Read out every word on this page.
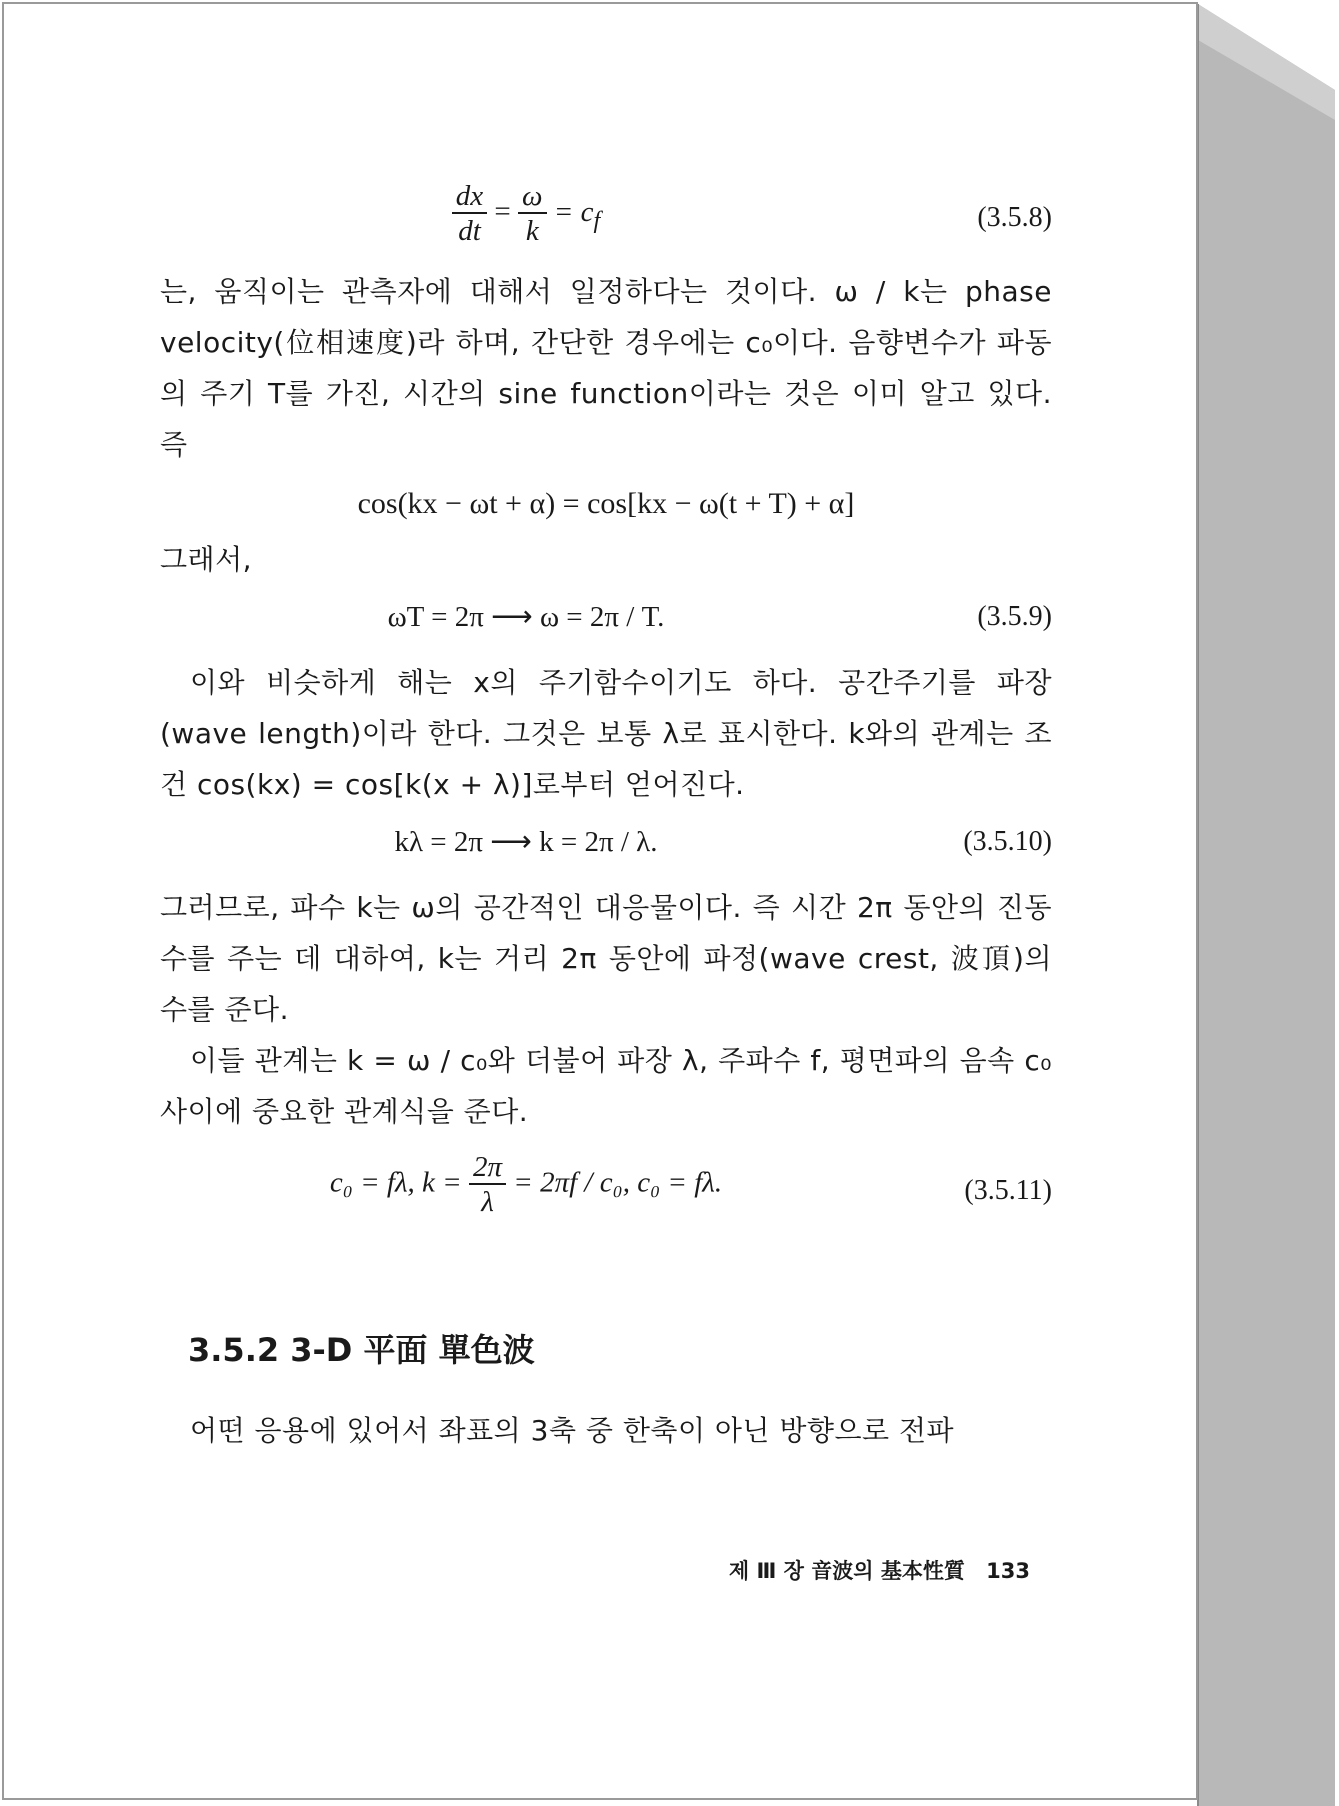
$\frac{dx}{dt} = \frac{\omega}{k} = c_f$	(3.5.8)
는, 움직이는 관측자에 대해서 일정하다는 것이다. ω / k는 phase velocity(位相速度)라 하며, 간단한 경우에는 c₀이다. 음향변수가 파동의 주기 T를 가진, 시간의 sine function이라는 것은 이미 알고 있다. 즉
cos(kx − ωt + α) = cos[kx − ω(t + T) + α]
그래서,
ωT = 2π ⟶ ω = 2π / T.	(3.5.9)
이와 비슷하게 해는 x의 주기함수이기도 하다. 공간주기를 파장(wave length)이라 한다. 그것은 보통 λ로 표시한다. k와의 관계는 조건 cos(kx) = cos[k(x + λ)]로부터 얻어진다.
kλ = 2π ⟶ k = 2π / λ.	(3.5.10)
그러므로, 파수 k는 ω의 공간적인 대응물이다. 즉 시간 2π 동안의 진동수를 주는 데 대하여, k는 거리 2π 동안에 파정(wave crest, 波頂)의 수를 준다.
이들 관계는 k = ω / c₀와 더불어 파장 λ, 주파수 f, 평면파의 음속 c₀ 사이에 중요한 관계식을 준다.
c₀ = fλ, $k = \frac{2\pi}{\lambda} = 2\pi f / c_0$, c₀ = fλ.	(3.5.11)
3.5.2 3-D 平面 單色波
어떤 응용에 있어서 좌표의 3축 중 한축이 아닌 방향으로 전파
제 Ⅲ 장 音波의 基本性質 133
